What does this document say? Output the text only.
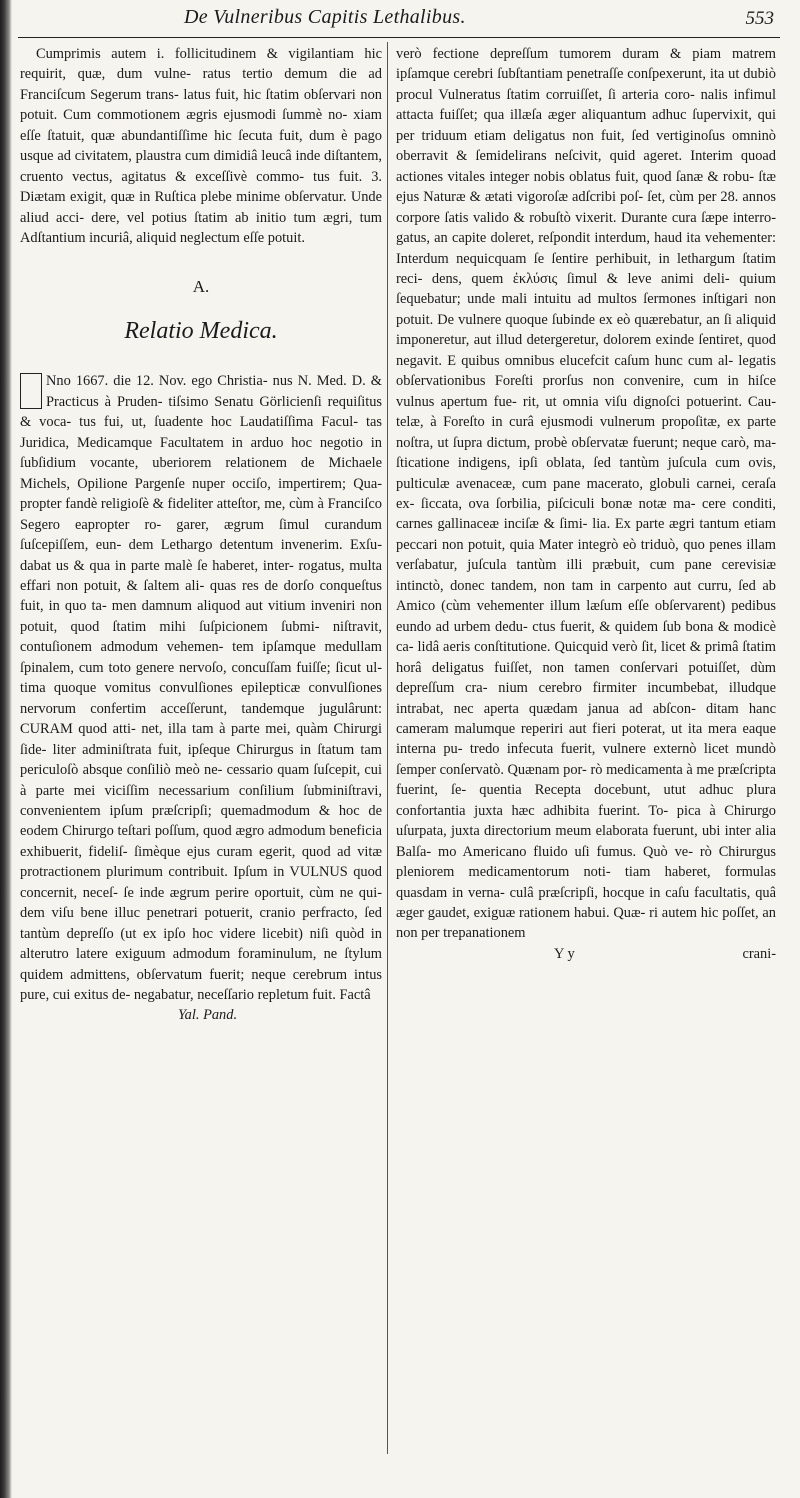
De Vulneribus Capitis Lethalibus.	553

Cumprimis autem i. follicitudinem & vigilantiam hic requirit, quæ, dum vulne- ratus tertio demum die ad Franciſcum Segerum trans- latus fuit, hic ſtatim obſervari non potuit. Cum commotionem ægris ejusmodi ſummè no- xiam eſſe ſtatuit, quæ abundantiſſime hic ſecuta fuit, dum è pago usque ad civitatem, plaustra cum dimidiâ leucâ inde diſtantem, cruento vectus, agitatus & exceſſivè commo- tus fuit. 3. Diætam exigit, quæ in Ruſtica plebe minime obſervatur. Unde aliud acci- dere, vel potius ſtatim ab initio tum ægri, tum Adſtantium incuriâ, aliquid neglectum eſſe potuit.

A.
Relatio Medica.

Nno 1667. die 12. Nov. ego Christia- nus N. Med. D. & Practicus à Pruden- tiſsimo Senatu Görlicienſi requiſitus & voca- tus fui, ut, ſuadente hoc Laudatiſſima Facul- tas Juridica, Medicamque Facultatem in arduo hoc negotio in ſubſidium vocante, uberiorem relationem de Michaele Michels, Opilione Pargenſe nuper occiſo, impertirem; Qua- propter fandè religioſè & fideliter atteſtor, me, cùm à Franciſco Segero eapropter ro- garer, ægrum ſimul curandum ſuſcepiſſem, eun- dem Lethargo detentum invenerim. Exſu- dabat us & qua in parte malè ſe haberet, inter- rogatus, multa effari non potuit, & ſaltem ali- quas res de dorſo conqueſtus fuit, in quo ta- men damnum aliquod aut vitium inveniri non potuit, quod ſtatim mihi ſuſpicionem ſubmi- niſtravit, contuſionem admodum vehemen- tem ipſamque medullam ſpinalem, cum toto genere nervoſo, concuſſam fuiſſe; ſicut ul- tima quoque vomitus convulſiones epilepticæ convulſiones nervorum confertim acceſſerunt, tandemque jugulârunt: CURAM quod atti- net, illa tam à parte mei, quàm Chirurgi ſide- liter adminiſtrata fuit, ipſeque Chirurgus in ſtatum tam periculoſò absque conſiliò meò ne- cessario quam ſuſcepit, cui à parte mei viciſſim necessarium conſilium ſubminiſtravi, convenientem ipſum præſcripſi; quemadmodum & hoc de eodem Chirurgo teſtari poſſum, quod ægro admodum beneficia exhibuerit, fideliſ- ſimèque ejus curam egerit, quod ad vitæ protractionem plurimum contribuit. Ipſum in VULNUS quod concernit, neceſ- ſe inde ægrum perire oportuit, cùm ne qui- dem viſu bene illuc penetrari potuerit, cranio perfracto, ſed tantùm depreſſo (ut ex ipſo hoc videre licebit) niſi quòd in alterutro latere exiguum admodum foraminulum, ne ſtylum quidem admittens, obſervatum fuerit; neque cerebrum intus pure, cui exitus de- negabatur, neceſſario repletum fuit. Factâ

Yal. Pand.

verò fectione depreſſum tumorem duram & piam matrem ipſamque cerebri ſubſtantiam penetraſſe conſpexerunt, ita ut dubiò procul Vulneratus ſtatim corruiſſet, ſi arteria coro- nalis infimul attacta fuiſſet; qua illæſa æger aliquantum adhuc ſupervixit, qui per triduum etiam deligatus non fuit, ſed vertiginoſus omninò oberravit & ſemidelirans neſcivit, quid ageret. Interim quoad actiones vitales integer nobis oblatus fuit, quod ſanæ & robu- ſtæ ejus Naturæ & ætati vigoroſæ adſcribi poſ- ſet, cùm per 28. annos corpore ſatis valido & robuſtò vixerit. Durante cura ſæpe interro- gatus, an capite doleret, reſpondit interdum, haud ita vehementer: Interdum nequicquam ſe ſentire perhibuit, in lethargum ſtatim reci- dens, quem ἐκλύσις ſimul & leve animi deli- quium ſequebatur; unde mali intuitu ad multos ſermones inſtigari non potuit. De vulnere quoque ſubinde ex eò quærebatur, an ſi aliquid imponeretur, aut illud detergeretur, dolorem exinde ſentiret, quod negavit. E quibus omnibus elucefcit caſum hunc cum al- legatis obſervationibus Foreſti prorſus non convenire, cum in hiſce vulnus apertum fue- rit, ut omnia viſu dignoſci potuerint. Cau- telæ, à Foreſto in curâ ejusmodi vulnerum propoſitæ, ex parte noſtra, ut ſupra dictum, probè obſervatæ fuerunt; neque carò, ma- ſticatione indigens, ipſi oblata, ſed tantùm juſcula cum ovis, pulticulæ avenaceæ, cum pane macerato, globuli carnei, ceraſa ex- ſiccata, ova ſorbilia, piſciculi bonæ notæ ma- cere conditi, carnes gallinaceæ inciſæ & ſimi- lia. Ex parte ægri tantum etiam peccari non potuit, quia Mater integrò eò triduò, quo penes illam verſabatur, juſcula tantùm illi præbuit, cum pane cerevisiæ intinctò, donec tandem, non tam in carpento aut curru, ſed ab Amico (cùm vehementer illum læſum eſſe obſervarent) pedibus eundo ad urbem dedu- ctus fuerit, & quidem ſub bona & modicè ca- lidâ aeris conſtitutione. Quicquid verò ſit, licet & primâ ſtatim horâ deligatus fuiſſet, non tamen conſervari potuiſſet, dùm depreſſum cra- nium cerebro firmiter incumbebat, illudque intrabat, nec aperta quædam janua ad abſcon- ditam hanc cameram malumque reperiri aut fieri poterat, ut ita mera eaque interna pu- tredo infecuta fuerit, vulnere externò licet mundò ſemper conſervatò. Quænam por- rò medicamenta à me præſcripta fuerint, ſe- quentia Recepta docebunt, utut adhuc plura confortantia juxta hæc adhibita fuerint. To- pica à Chirurgo uſurpata, juxta directorium meum elaborata fuerunt, ubi inter alia Balſa- mo Americano fluido uſi fumus. Quò ve- rò Chirurgus pleniorem medicamentorum noti- tiam haberet, formulas quasdam in verna- culâ præſcripſi, hocque in caſu facultatis, quâ æger gaudet, exiguæ rationem habui. Quæ- ri autem hic poſſet, an non per trepanationem

Y y	crani-
